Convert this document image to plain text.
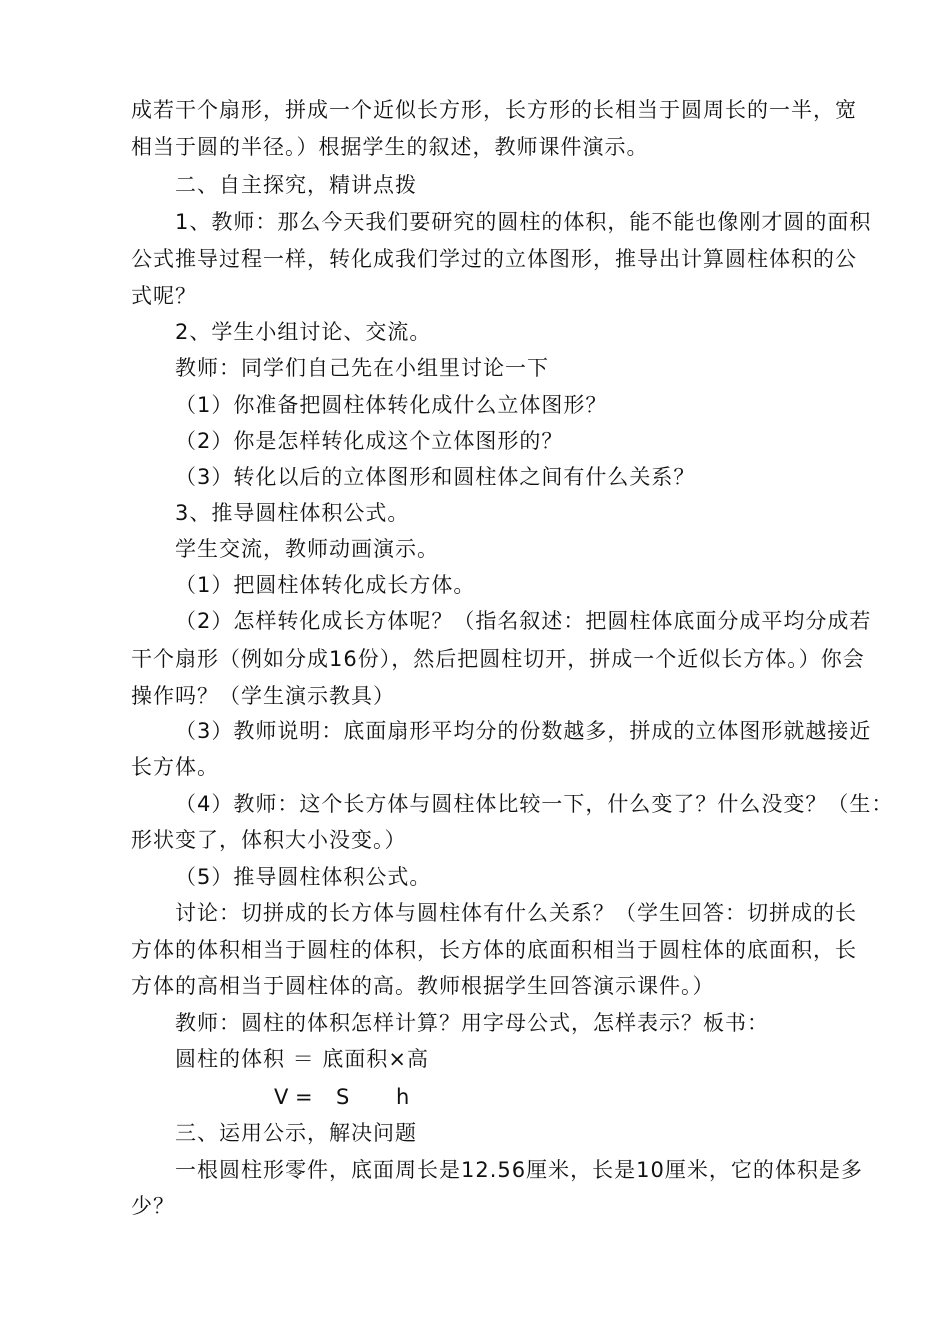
成若干个扇形，拼成一个近似长方形，长方形的长相当于圆周长的一半，宽
相当于圆的半径。）根据学生的叙述，教师课件演示。
二、自主探究，精讲点拨
1、教师：那么今天我们要研究的圆柱的体积，能不能也像刚才圆的面积
公式推导过程一样，转化成我们学过的立体图形，推导出计算圆柱体积的公
式呢？
2、学生小组讨论、交流。
教师：同学们自己先在小组里讨论一下
（1）你准备把圆柱体转化成什么立体图形？
（2）你是怎样转化成这个立体图形的？
（3）转化以后的立体图形和圆柱体之间有什么关系？
3、推导圆柱体积公式。
学生交流，教师动画演示。
（1）把圆柱体转化成长方体。
（2）怎样转化成长方体呢？（指名叙述：把圆柱体底面分成平均分成若
干个扇形（例如分成16份），然后把圆柱切开，拼成一个近似长方体。）你会
操作吗？（学生演示教具）
（3）教师说明：底面扇形平均分的份数越多，拼成的立体图形就越接近
长方体。
（4）教师：这个长方体与圆柱体比较一下，什么变了？什么没变？（生：
形状变了，体积大小没变。）
（5）推导圆柱体积公式。
讨论：切拼成的长方体与圆柱体有什么关系？（学生回答：切拼成的长
方体的体积相当于圆柱的体积，长方体的底面积相当于圆柱体的底面积，长
方体的高相当于圆柱体的高。教师根据学生回答演示课件。）
教师：圆柱的体积怎样计算？用字母公式，怎样表示？板书：
圆柱的体积 ＝ 底面积×高
V = S h
三、运用公示，解决问题
一根圆柱形零件，底面周长是12.56厘米，长是10厘米，它的体积是多
少？
